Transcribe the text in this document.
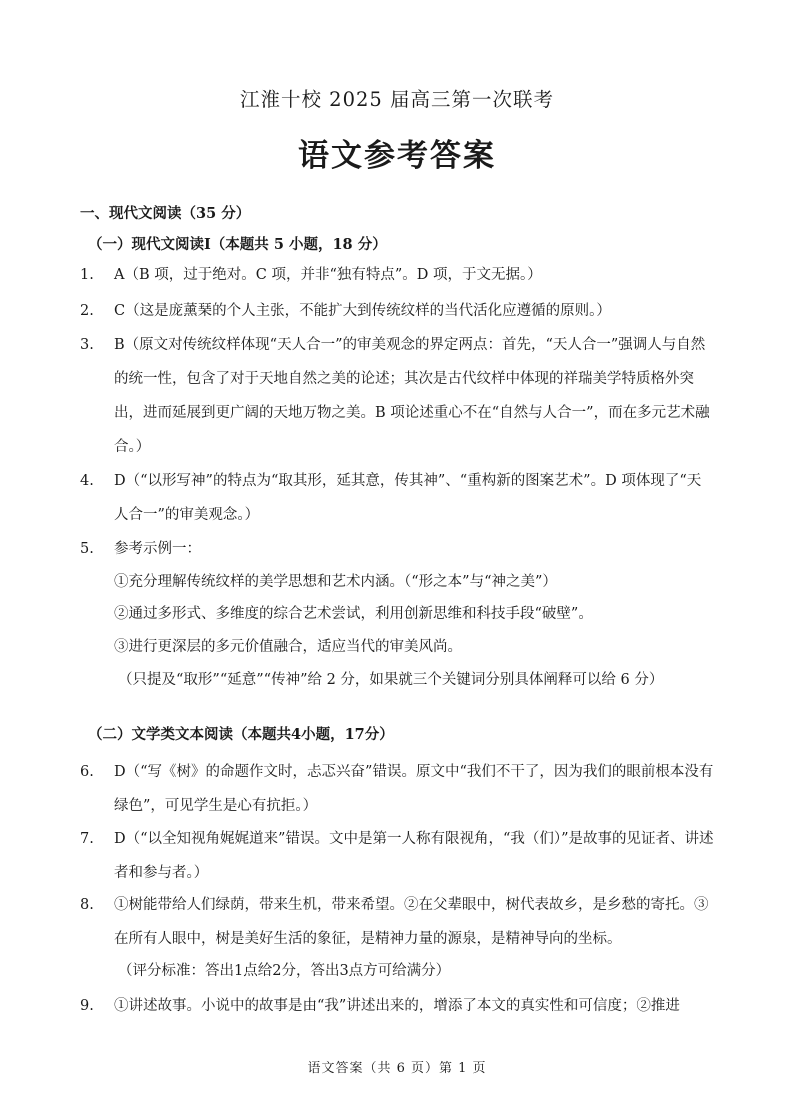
江淮十校 2025 届高三第一次联考
语文参考答案
一、现代文阅读（35 分）
（一）现代文阅读I（本题共 5 小题，18 分）
1. A（B 项，过于绝对。C 项，并非“独有特点”。D 项，于文无据。）
2. C（这是庞薰琹的个人主张，不能扩大到传统纹样的当代活化应遵循的原则。）
3. B（原文对传统纹样体现“天人合一”的审美观念的界定两点：首先，“天人合一”强调人与自然的统一性，包含了对于天地自然之美的论述；其次是古代纹样中体现的祥瑞美学特质格外突出，进而延展到更广阔的天地万物之美。B 项论述重心不在“自然与人合一”，而在多元艺术融合。）
4. D（“以形写神”的特点为“取其形，延其意，传其神”、“重构新的图案艺术”。D 项体现了“天人合一”的审美观念。）
5. 参考示例一：
①充分理解传统纹样的美学思想和艺术内涵。（“形之本”与“神之美”）
②通过多形式、多维度的综合艺术尝试，利用创新思维和科技手段“破壁”。
③进行更深层的多元价值融合，适应当代的审美风尚。
（只提及“取形”“延意”“传神”给 2 分，如果就三个关键词分别具体阐释可以给 6 分）
（二）文学类文本阅读（本题共4小题，17分）
6. D（“写《树》的命题作文时，忐忑兴奋”错误。原文中“我们不干了，因为我们的眼前根本没有绿色”，可见学生是心有抗拒。）
7. D（“以全知视角娓娓道来”错误。文中是第一人称有限视角，“我（们）”是故事的见证者、讲述者和参与者。）
8. ①树能带给人们绿荫，带来生机，带来希望。②在父辈眼中，树代表故乡，是乡愁的寄托。③在所有人眼中，树是美好生活的象征，是精神力量的源泉，是精神导向的坐标。
（评分标准：答出1点给2分，答出3点方可给满分）
9. ①讲述故事。小说中的故事是由“我”讲述出来的，增添了本文的真实性和可信度；②推进
语文答案（共 6 页）第 1 页
